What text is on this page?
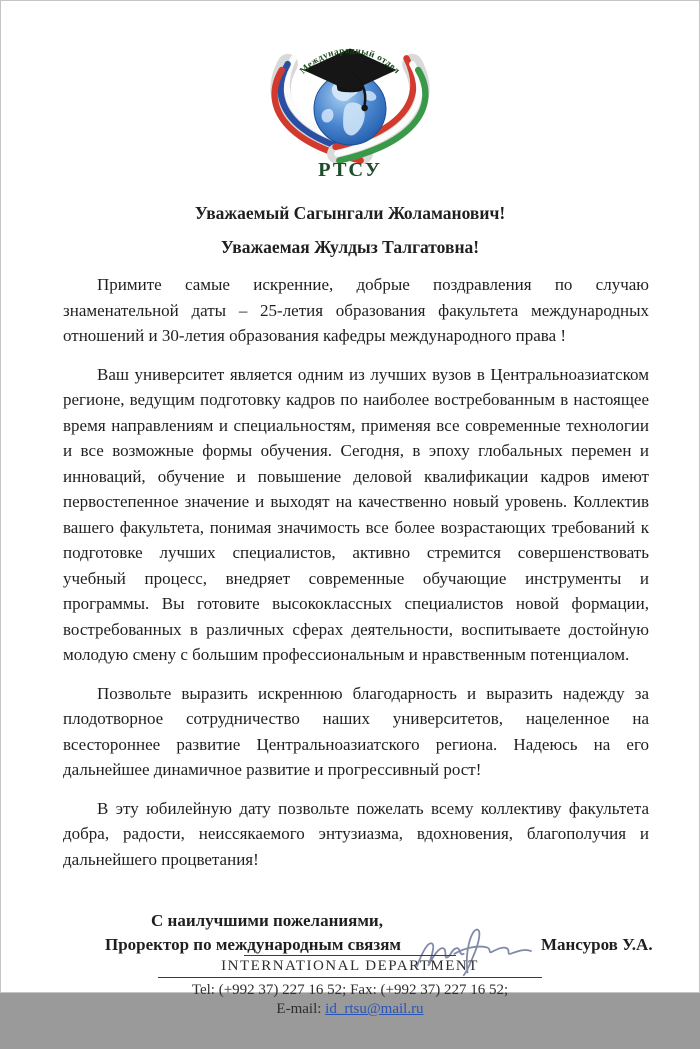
Международный отдел
РТСУ

Уважаемый Сагынгали Жоламанович!

Уважаемая Жулдыз Талгатовна!

Примите самые искренние, добрые поздравления по случаю знаменательной даты – 25-летия образования факультета международных отношений и 30-летия образования кафедры международного права !

Ваш университет является одним из лучших вузов в Центральноазиатском регионе, ведущим подготовку кадров по наиболее востребованным в настоящее время направлениям и специальностям, применяя все современные технологии и все возможные формы обучения. Сегодня, в эпоху глобальных перемен и инноваций, обучение и повышение деловой квалификации кадров имеют первостепенное значение и выходят на качественно новый уровень. Коллектив вашего факультета, понимая значимость все более возрастающих требований к подготовке лучших специалистов, активно стремится совершенствовать учебный процесс, внедряет современные обучающие инструменты и программы. Вы готовите высококлассных специалистов новой формации, востребованных в различных сферах деятельности, воспитываете достойную молодую смену с большим профессиональным и нравственным потенциалом.

Позвольте выразить искреннюю благодарность и выразить надежду за плодотворное сотрудничество наших университетов, нацеленное на всестороннее развитие Центральноазиатского региона. Надеюсь на его дальнейшее динамичное развитие и прогрессивный рост!

В эту юбилейную дату позвольте пожелать всему коллективу факультета добра, радости, неиссякаемого энтузиазма, вдохновения, благополучия и дальнейшего процветания!

С наилучшими пожеланиями,

Проректор по международным связям	Мансуров У.А.
INTERNATIONAL DEPARTMENT
Tel: (+992 37) 227 16 52; Fax: (+992 37) 227 16 52;
E-mail: id_rtsu@mail.ru
